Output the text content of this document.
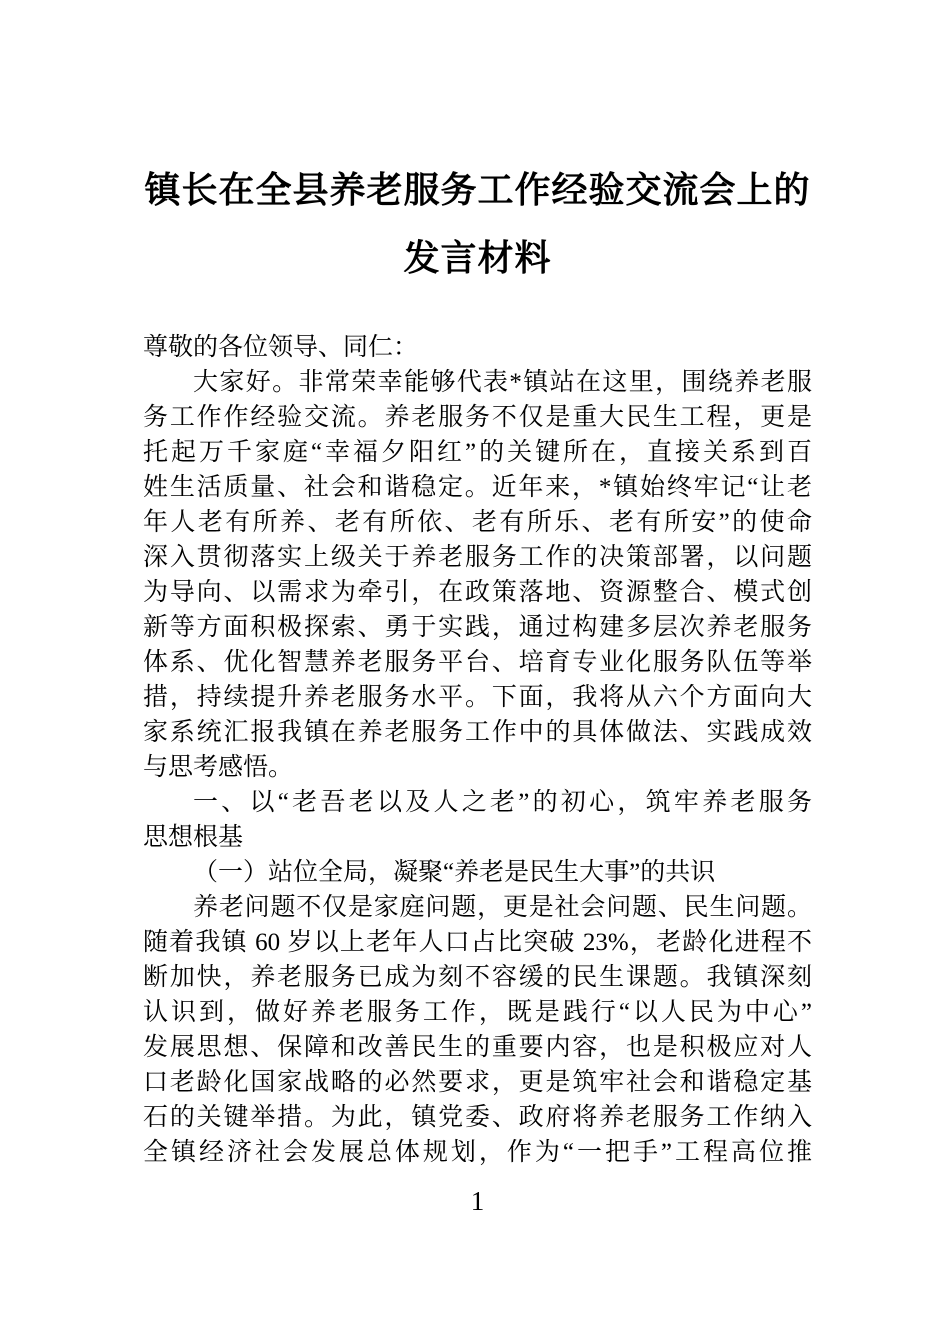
镇长在全县养老服务工作经验交流会上的
发言材料
尊敬的各位领导、同仁：
大家好。非常荣幸能够代表*镇站在这里，围绕养老服
务工作作经验交流。养老服务不仅是重大民生工程，更是
托起万千家庭“幸福夕阳红”的关键所在，直接关系到百
姓生活质量、社会和谐稳定。近年来，*镇始终牢记“让老
年人老有所养、老有所依、老有所乐、老有所安”的使命
深入贯彻落实上级关于养老服务工作的决策部署，以问题
为导向、以需求为牵引，在政策落地、资源整合、模式创
新等方面积极探索、勇于实践，通过构建多层次养老服务
体系、优化智慧养老服务平台、培育专业化服务队伍等举
措，持续提升养老服务水平。下面，我将从六个方面向大
家系统汇报我镇在养老服务工作中的具体做法、实践成效
与思考感悟。
一、以“老吾老以及人之老”的初心，筑牢养老服务
思想根基
（一）站位全局，凝聚“养老是民生大事”的共识
养老问题不仅是家庭问题，更是社会问题、民生问题。
随着我镇 60 岁以上老年人口占比突破 23%，老龄化进程不
断加快，养老服务已成为刻不容缓的民生课题。我镇深刻
认识到，做好养老服务工作，既是践行“以人民为中心”
发展思想、保障和改善民生的重要内容，也是积极应对人
口老龄化国家战略的必然要求，更是筑牢社会和谐稳定基
石的关键举措。为此，镇党委、政府将养老服务工作纳入
全镇经济社会发展总体规划，作为“一把手”工程高位推
1
